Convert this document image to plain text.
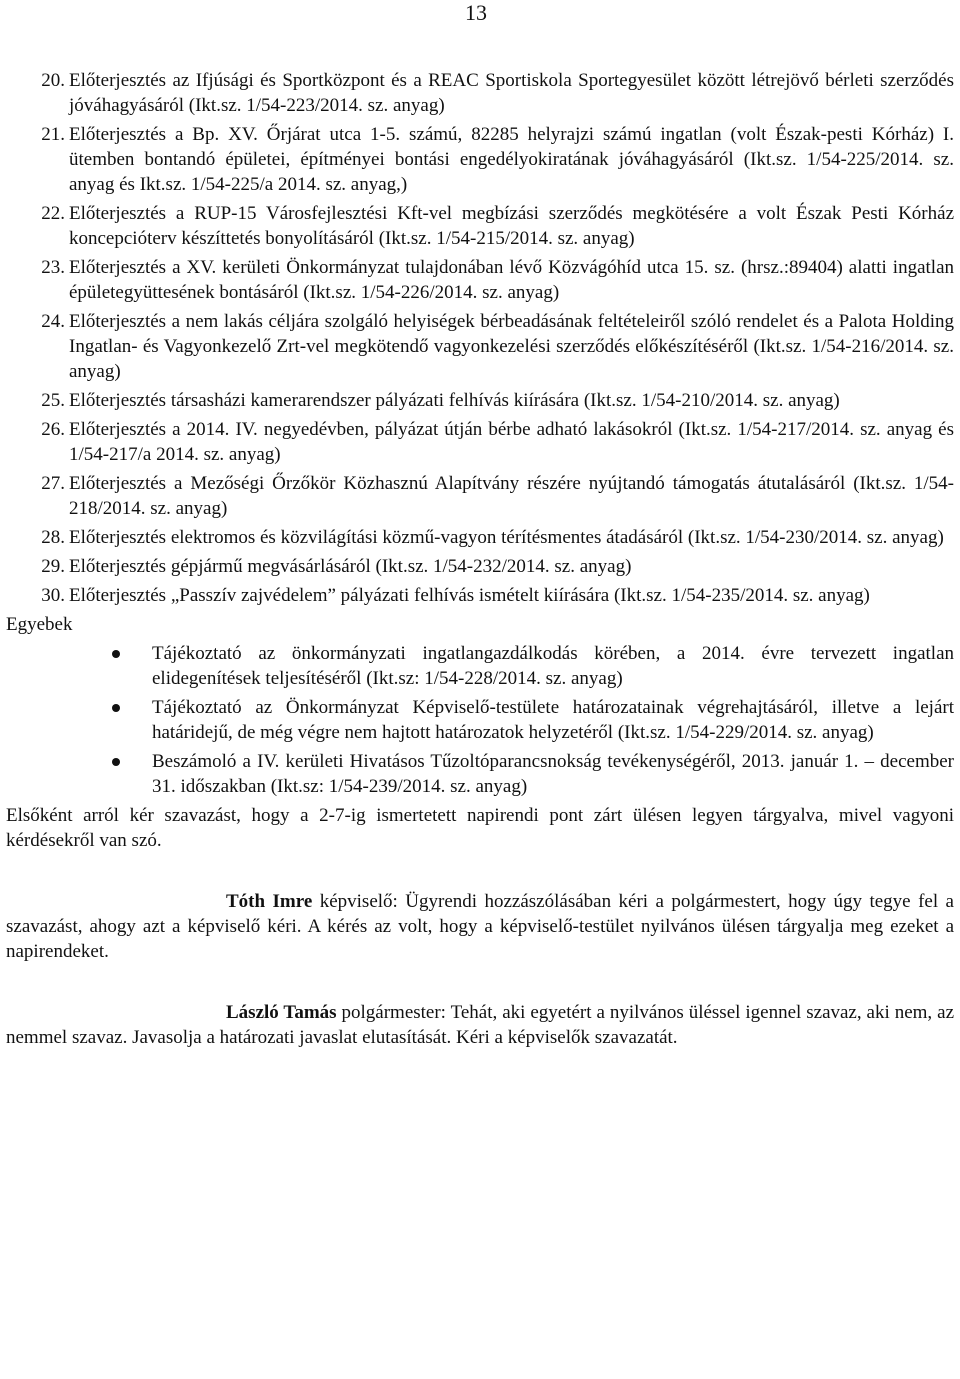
13
20. Előterjesztés az Ifjúsági és Sportközpont és a REAC Sportiskola Sportegyesület között létrejövő bérleti szerződés jóváhagyásáról (Ikt.sz. 1/54-223/2014. sz. anyag)
21. Előterjesztés a Bp. XV. Őrjárat utca 1-5. számú, 82285 helyrajzi számú ingatlan (volt Észak-pesti Kórház) I. ütemben bontandó épületei, építményei bontási engedélyokiratának jóváhagyásáról (Ikt.sz. 1/54-225/2014. sz. anyag és Ikt.sz. 1/54-225/a 2014. sz. anyag,)
22. Előterjesztés a RUP-15 Városfejlesztési Kft-vel megbízási szerződés megkötésére a volt Észak Pesti Kórház koncepcióterv készíttetés bonyolításáról (Ikt.sz. 1/54-215/2014. sz. anyag)
23. Előterjesztés a XV. kerületi Önkormányzat tulajdonában lévő Közvágóhíd utca 15. sz. (hrsz.:89404) alatti ingatlan épületegyüttesének bontásáról (Ikt.sz. 1/54-226/2014. sz. anyag)
24. Előterjesztés a nem lakás céljára szolgáló helyiségek bérbeadásának feltételeiről szóló rendelet és a Palota Holding Ingatlan- és Vagyonkezelő Zrt-vel megkötendő vagyonkezelési szerződés előkészítéséről (Ikt.sz. 1/54-216/2014. sz. anyag)
25. Előterjesztés társasházi kamerarendszer pályázati felhívás kiírására (Ikt.sz. 1/54-210/2014. sz. anyag)
26. Előterjesztés a 2014. IV. negyedévben, pályázat útján bérbe adható lakásokról (Ikt.sz. 1/54-217/2014. sz. anyag és 1/54-217/a 2014. sz. anyag)
27. Előterjesztés a Mezőségi Őrzőkör Közhasznú Alapítvány részére nyújtandó támogatás átutalásáról (Ikt.sz. 1/54-218/2014. sz. anyag)
28. Előterjesztés elektromos és közvilágítási közmű-vagyon térítésmentes átadásáról (Ikt.sz. 1/54-230/2014. sz. anyag)
29. Előterjesztés gépjármű megvásárlásáról (Ikt.sz. 1/54-232/2014. sz. anyag)
30. Előterjesztés „Passzív zajvédelem” pályázati felhívás ismételt kiírására (Ikt.sz. 1/54-235/2014. sz. anyag)
Egyebek
Tájékoztató az önkormányzati ingatlangazdálkodás körében, a 2014. évre tervezett ingatlan elidegenítések teljesítéséről (Ikt.sz: 1/54-228/2014. sz. anyag)
Tájékoztató az Önkormányzat Képviselő-testülete határozatainak végrehajtásáról, illetve a lejárt határidejű, de még végre nem hajtott határozatok helyzetéről (Ikt.sz. 1/54-229/2014. sz. anyag)
Beszámoló a IV. kerületi Hivatásos Tűzoltóparancsnokság tevékenységéről, 2013. január 1. – december 31. időszakban (Ikt.sz: 1/54-239/2014. sz. anyag)

Elsőként arról kér szavazást, hogy a 2-7-ig ismertetett napirendi pont zárt ülésen legyen tárgyalva, mivel vagyoni kérdésekről van szó.

Tóth Imre képviselő: Ügyrendi hozzászólásában kéri a polgármestert, hogy úgy tegye fel a szavazást, ahogy azt a képviselő kéri. A kérés az volt, hogy a képviselő-testület nyilvános ülésen tárgyalja meg ezeket a napirendeket.

László Tamás polgármester: Tehát, aki egyetért a nyilvános üléssel igennel szavaz, aki nem, az nemmel szavaz. Javasolja a határozati javaslat elutasítását. Kéri a képviselők szavazatát.
